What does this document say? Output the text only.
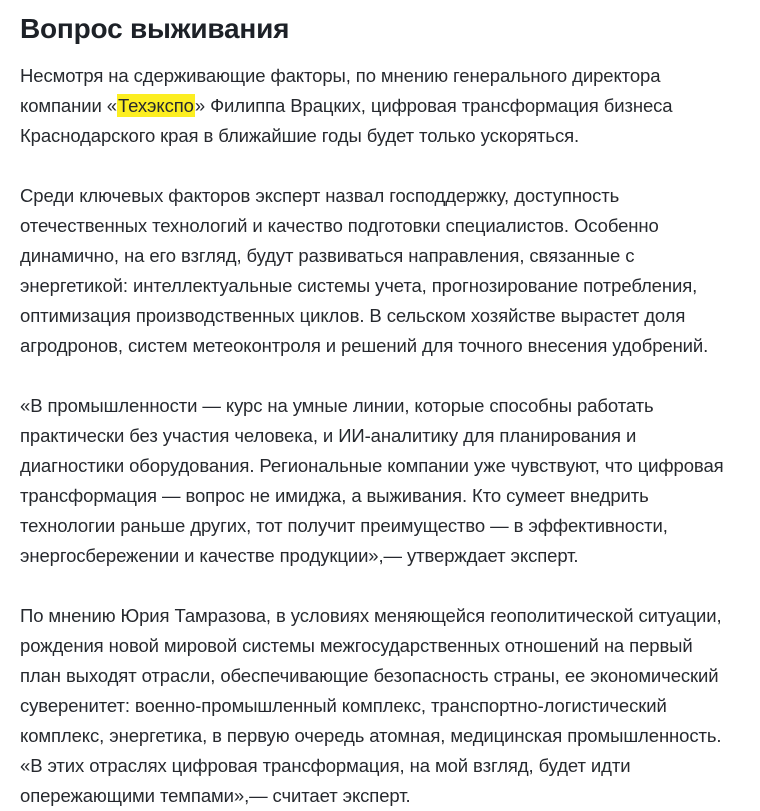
Вопрос выживания

Несмотря на сдерживающие факторы, по мнению генерального директора компании «Техэкспо» Филиппа Врацких, цифровая трансформация бизнеса Краснодарского края в ближайшие годы будет только ускоряться.

Среди ключевых факторов эксперт назвал господдержку, доступность отечественных технологий и качество подготовки специалистов. Особенно динамично, на его взгляд, будут развиваться направления, связанные с энергетикой: интеллектуальные системы учета, прогнозирование потребления, оптимизация производственных циклов. В сельском хозяйстве вырастет доля агродронов, систем метеоконтроля и решений для точного внесения удобрений.

«В промышленности — курс на умные линии, которые способны работать практически без участия человека, и ИИ-аналитику для планирования и диагностики оборудования. Региональные компании уже чувствуют, что цифровая трансформация — вопрос не имиджа, а выживания. Кто сумеет внедрить технологии раньше других, тот получит преимущество — в эффективности, энергосбережении и качестве продукции»,— утверждает эксперт.

По мнению Юрия Тамразова, в условиях меняющейся геополитической ситуации, рождения новой мировой системы межгосударственных отношений на первый план выходят отрасли, обеспечивающие безопасность страны, ее экономический суверенитет: военно-промышленный комплекс, транспортно-логистический комплекс, энергетика, в первую очередь атомная, медицинская промышленность. «В этих отраслях цифровая трансформация, на мой взгляд, будет идти опережающими темпами»,— считает эксперт.
